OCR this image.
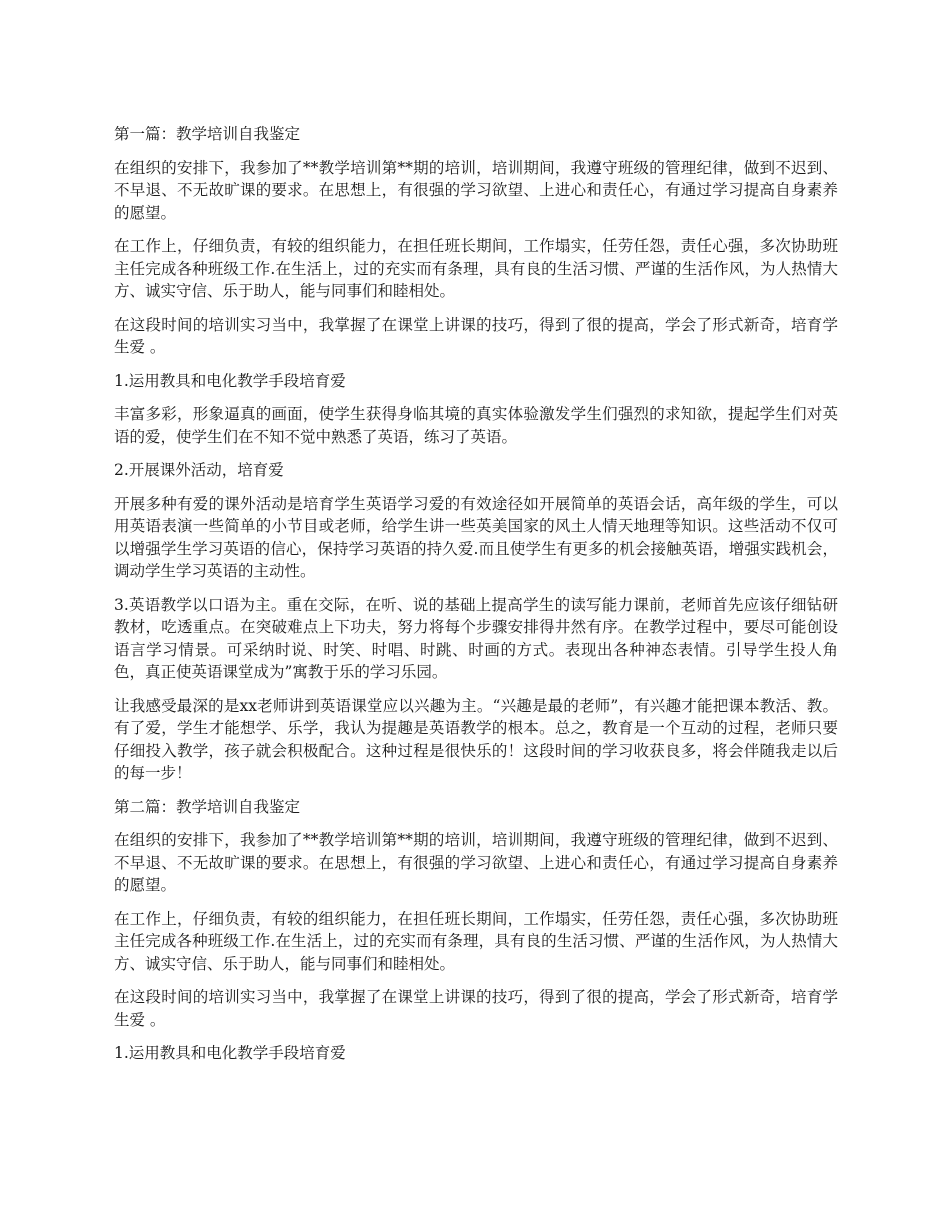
第一篇：教学培训自我鉴定

在组织的安排下，我参加了**教学培训第**期的培训，培训期间，我遵守班级的管理纪律，做到不迟到、不早退、不无故旷课的要求。在思想上，有很强的学习欲望、上进心和责任心，有通过学习提高自身素养的愿望。

在工作上，仔细负责，有较的组织能力，在担任班长期间，工作塌实，任劳任怨，责任心强，多次协助班主任完成各种班级工作.在生活上，过的充实而有条理，具有良的生活习惯、严谨的生活作风，为人热情大方、诚实守信、乐于助人，能与同事们和睦相处。

在这段时间的培训实习当中，我掌握了在课堂上讲课的技巧，得到了很的提高，学会了形式新奇，培育学生爱 。

1.运用教具和电化教学手段培育爱

丰富多彩，形象逼真的画面，使学生获得身临其境的真实体验激发学生们强烈的求知欲，提起学生们对英语的爱，使学生们在不知不觉中熟悉了英语，练习了英语。

2.开展课外活动，培育爱

开展多种有爱的课外活动是培育学生英语学习爱的有效途径如开展简单的英语会话，高年级的学生，可以用英语表演一些简单的小节目或老师，给学生讲一些英美国家的风土人情天地理等知识。这些活动不仅可以增强学生学习英语的信心，保持学习英语的持久爱.而且使学生有更多的机会接触英语，增强实践机会，调动学生学习英语的主动性。

3.英语教学以口语为主。重在交际，在听、说的基础上提高学生的读写能力课前，老师首先应该仔细钻研教材，吃透重点。在突破难点上下功夫，努力将每个步骤安排得井然有序。在教学过程中，要尽可能创设语言学习情景。可采纳时说、时笑、时唱、时跳、时画的方式。表现出各种神态表情。引导学生投人角色，真正使英语课堂成为”寓教于乐的学习乐园。

让我感受最深的是xx老师讲到英语课堂应以兴趣为主。“兴趣是最的老师”，有兴趣才能把课本教活、教。有了爱，学生才能想学、乐学，我认为提趣是英语教学的根本。总之，教育是一个互动的过程，老师只要仔细投入教学，孩子就会积极配合。这种过程是很快乐的！这段时间的学习收获良多，将会伴随我走以后的每一步！

第二篇：教学培训自我鉴定

在组织的安排下，我参加了**教学培训第**期的培训，培训期间，我遵守班级的管理纪律，做到不迟到、不早退、不无故旷课的要求。在思想上，有很强的学习欲望、上进心和责任心，有通过学习提高自身素养的愿望。

在工作上，仔细负责，有较的组织能力，在担任班长期间，工作塌实，任劳任怨，责任心强，多次协助班主任完成各种班级工作.在生活上，过的充实而有条理，具有良的生活习惯、严谨的生活作风，为人热情大方、诚实守信、乐于助人，能与同事们和睦相处。

在这段时间的培训实习当中，我掌握了在课堂上讲课的技巧，得到了很的提高，学会了形式新奇，培育学生爱 。

1.运用教具和电化教学手段培育爱
